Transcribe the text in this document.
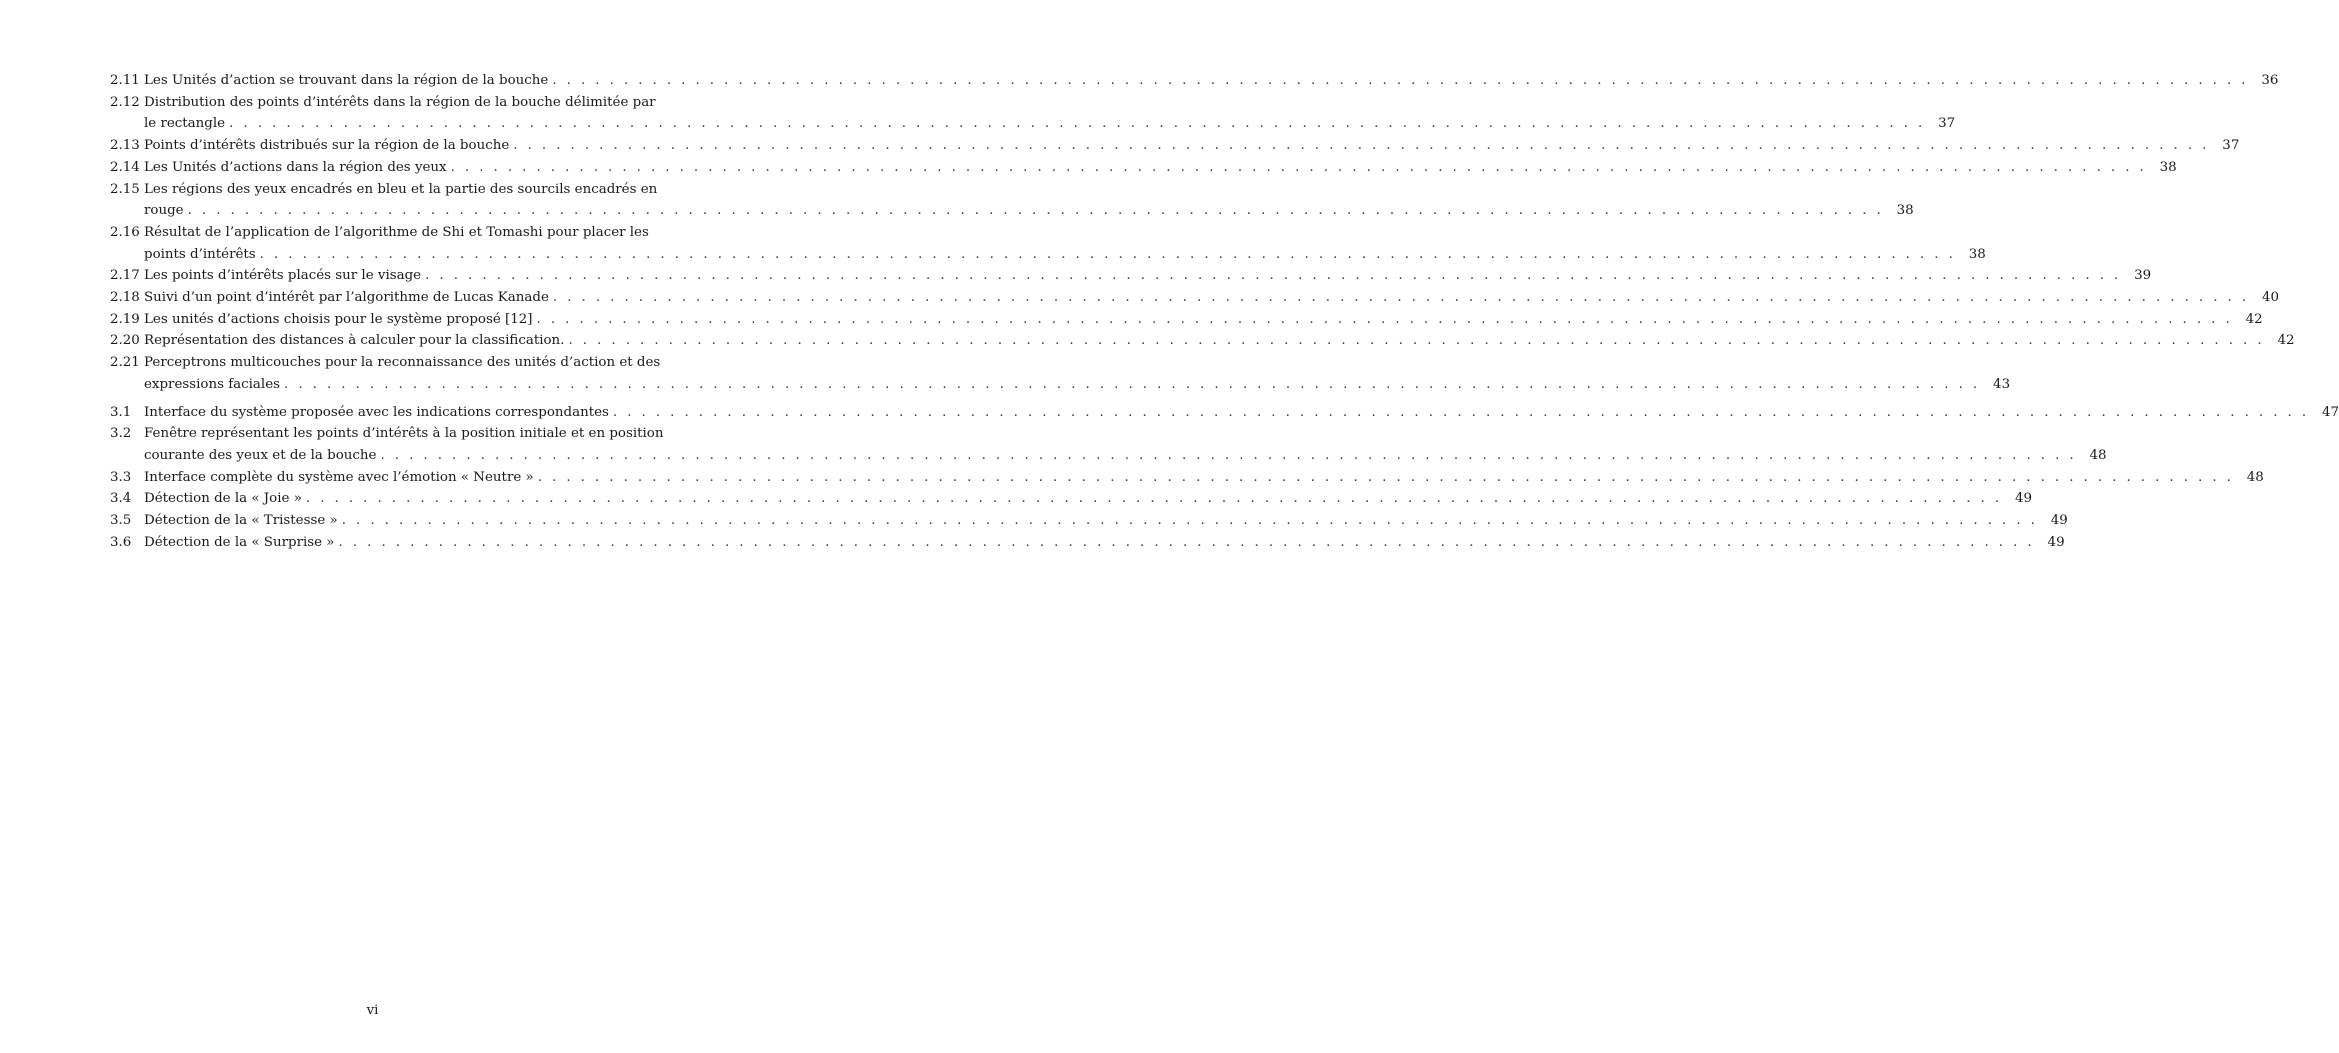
2.11 Les Unités d’action se trouvant dans la région de la bouche . . .	36
2.12 Distribution des points d’intérêts dans la région de la bouche délimitée par
le rectangle . . .	37
2.13 Points d’intérêts distribués sur la région de la bouche . . .	37
2.14 Les Unités d’actions dans la région des yeux . . .	38
2.15 Les régions des yeux encadrés en bleu et la partie des sourcils encadrés en
rouge . . .	38
2.16 Résultat de l’application de l’algorithme de Shi et Tomashi pour placer les
points d’intérêts . . .	38
2.17 Les points d’intérêts placés sur le visage . . .	39
2.18 Suivi d’un point d’intérêt par l’algorithme de Lucas Kanade . . .	40
2.19 Les unités d’actions choisis pour le système proposé [12] . . .	42
2.20 Représentation des distances à calculer pour la classification. . . .	42
2.21 Perceptrons multicouches pour la reconnaissance des unités d’action et des
expressions faciales . . .	43
3.1 Interface du système proposée avec les indications correspondantes . . .	47
3.2 Fenêtre représentant les points d’intérêts à la position initiale et en position
courante des yeux et de la bouche . . .	48
3.3 Interface complète du système avec l’émotion « Neutre » . . .	48
3.4 Détection de la « Joie » . . .	49
3.5 Détection de la « Tristesse » . . .	49
3.6 Détection de la « Surprise » . . .	49
vi
